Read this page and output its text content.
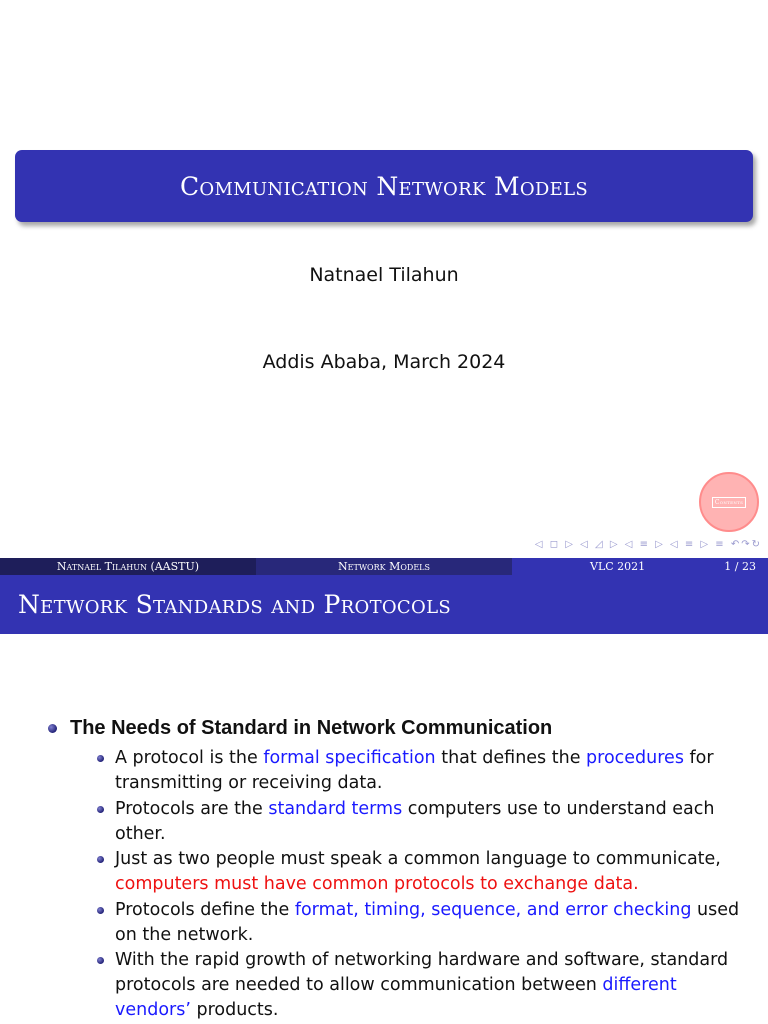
Communication Network Models
Natnael Tilahun
Addis Ababa, March 2024
Contents
◁ ◻ ▷ ◁ ◿ ▷ ◁ ≡ ▷ ◁ ≡ ▷ ≡ ↶↷↻
Natnael Tilahun (AASTU)	Network Models	VLC 2021	1 / 23
Network Standards and Protocols
The Needs of Standard in Network Communication
A protocol is the formal specification that defines the procedures for transmitting or receiving data.
Protocols are the standard terms computers use to understand each other.
Just as two people must speak a common language to communicate, computers must have common protocols to exchange data.
Protocols define the format, timing, sequence, and error checking used on the network.
With the rapid growth of networking hardware and software, standard protocols are needed to allow communication between different vendors’ products.
